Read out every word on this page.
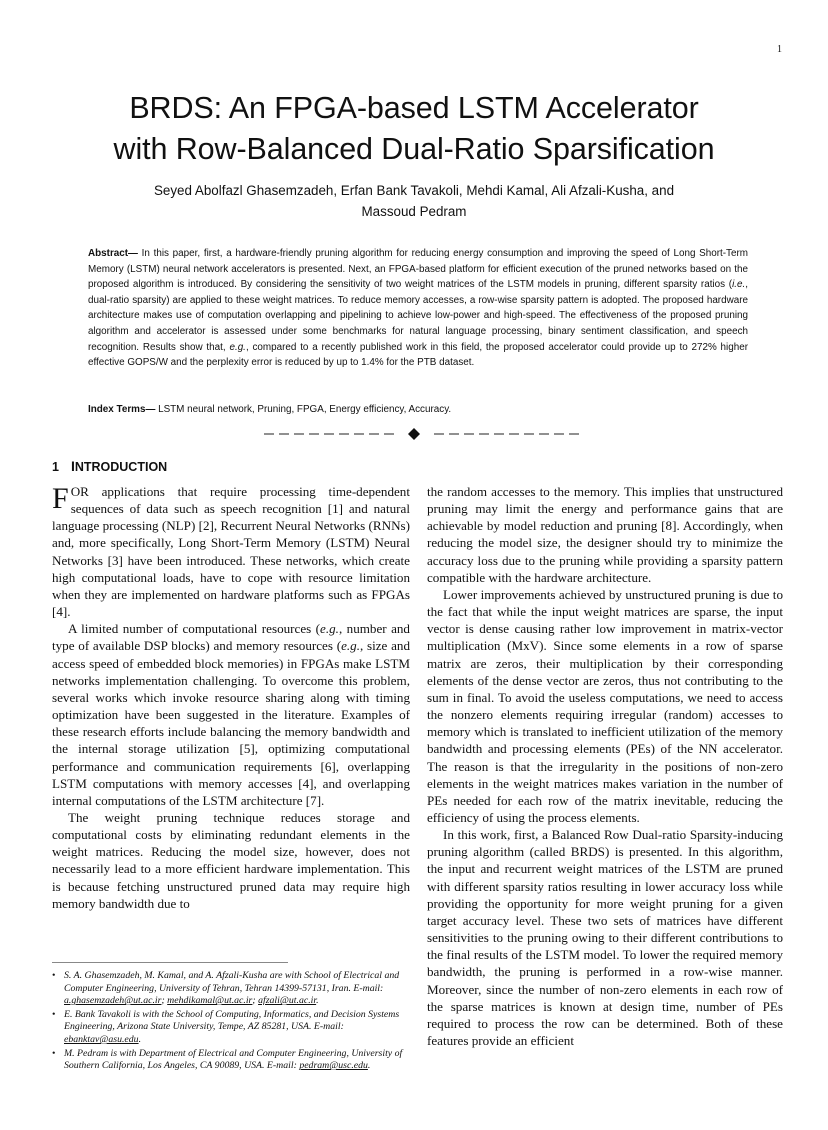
1
BRDS: An FPGA-based LSTM Accelerator
with Row-Balanced Dual-Ratio Sparsification
Seyed Abolfazl Ghasemzadeh, Erfan Bank Tavakoli, Mehdi Kamal, Ali Afzali-Kusha, and
Massoud Pedram
Abstract— In this paper, first, a hardware-friendly pruning algorithm for reducing energy consumption and improving the speed of Long Short-Term Memory (LSTM) neural network accelerators is presented. Next, an FPGA-based platform for efficient execution of the pruned networks based on the proposed algorithm is introduced. By considering the sensitivity of two weight matrices of the LSTM models in pruning, different sparsity ratios (i.e., dual-ratio sparsity) are applied to these weight matrices. To reduce memory accesses, a row-wise sparsity pattern is adopted. The proposed hardware architecture makes use of computation overlapping and pipelining to achieve low-power and high-speed. The effectiveness of the proposed pruning algorithm and accelerator is assessed under some benchmarks for natural language processing, binary sentiment classification, and speech recognition. Results show that, e.g., compared to a recently published work in this field, the proposed accelerator could provide up to 272% higher effective GOPS/W and the perplexity error is reduced by up to 1.4% for the PTB dataset.
Index Terms— LSTM neural network, Pruning, FPGA, Energy efficiency, Accuracy.
1 INTRODUCTION

FOR applications that require processing time-dependent sequences of data such as speech recognition [1] and natural language processing (NLP) [2], Recurrent Neural Networks (RNNs) and, more specifically, Long Short-Term Memory (LSTM) Neural Networks [3] have been introduced. These networks, which create high computational loads, have to cope with resource limitation when they are implemented on hardware platforms such as FPGAs [4].

A limited number of computational resources (e.g., number and type of available DSP blocks) and memory resources (e.g., size and access speed of embedded block memories) in FPGAs make LSTM networks implementation challenging. To overcome this problem, several works which invoke resource sharing along with timing optimization have been suggested in the literature. Examples of these research efforts include balancing the memory bandwidth and the internal storage utilization [5], optimizing computational performance and communication requirements [6], overlapping LSTM computations with memory accesses [4], and overlapping internal computations of the LSTM architecture [7].

The weight pruning technique reduces storage and computational costs by eliminating redundant elements in the weight matrices. Reducing the model size, however, does not necessarily lead to a more efficient hardware implementation. This is because fetching unstructured pruned data may require high memory bandwidth due to

the random accesses to the memory. This implies that unstructured pruning may limit the energy and performance gains that are achievable by model reduction and pruning [8]. Accordingly, when reducing the model size, the designer should try to minimize the accuracy loss due to the pruning while providing a sparsity pattern compatible with the hardware architecture.

Lower improvements achieved by unstructured pruning is due to the fact that while the input weight matrices are sparse, the input vector is dense causing rather low improvement in matrix-vector multiplication (MxV). Since some elements in a row of sparse matrix are zeros, their multiplication by their corresponding elements of the dense vector are zeros, thus not contributing to the sum in final. To avoid the useless computations, we need to access the nonzero elements requiring irregular (random) accesses to memory which is translated to inefficient utilization of the memory bandwidth and processing elements (PEs) of the NN accelerator. The reason is that the irregularity in the positions of non-zero elements in the weight matrices makes variation in the number of PEs needed for each row of the matrix inevitable, reducing the efficiency of using the process elements.

In this work, first, a Balanced Row Dual-ratio Sparsity-inducing pruning algorithm (called BRDS) is presented. In this algorithm, the input and recurrent weight matrices of the LSTM are pruned with different sparsity ratios resulting in lower accuracy loss while providing the opportunity for more weight pruning for a given target accuracy level. These two sets of matrices have different sensitivities to the pruning owing to their different contributions to the final results of the LSTM model. To lower the required memory bandwidth, the pruning is performed in a row-wise manner. Moreover, since the number of non-zero elements in each row of the sparse matrices is known at design time, number of PEs required to process the row can be determined. Both of these features provide an efficient

• S. A. Ghasemzadeh, M. Kamal, and A. Afzali-Kusha are with School of Electrical and Computer Engineering, University of Tehran, Tehran 14399-57131, Iran. E-mail: a.ghasemzadeh@ut.ac.ir; mehdikamal@ut.ac.ir; afzali@ut.ac.ir.
• E. Bank Tavakoli is with the School of Computing, Informatics, and Decision Systems Engineering, Arizona State University, Tempe, AZ 85281, USA. E-mail: ebanktav@asu.edu.
• M. Pedram is with Department of Electrical and Computer Engineering, University of Southern California, Los Angeles, CA 90089, USA. E-mail: pedram@usc.edu.
